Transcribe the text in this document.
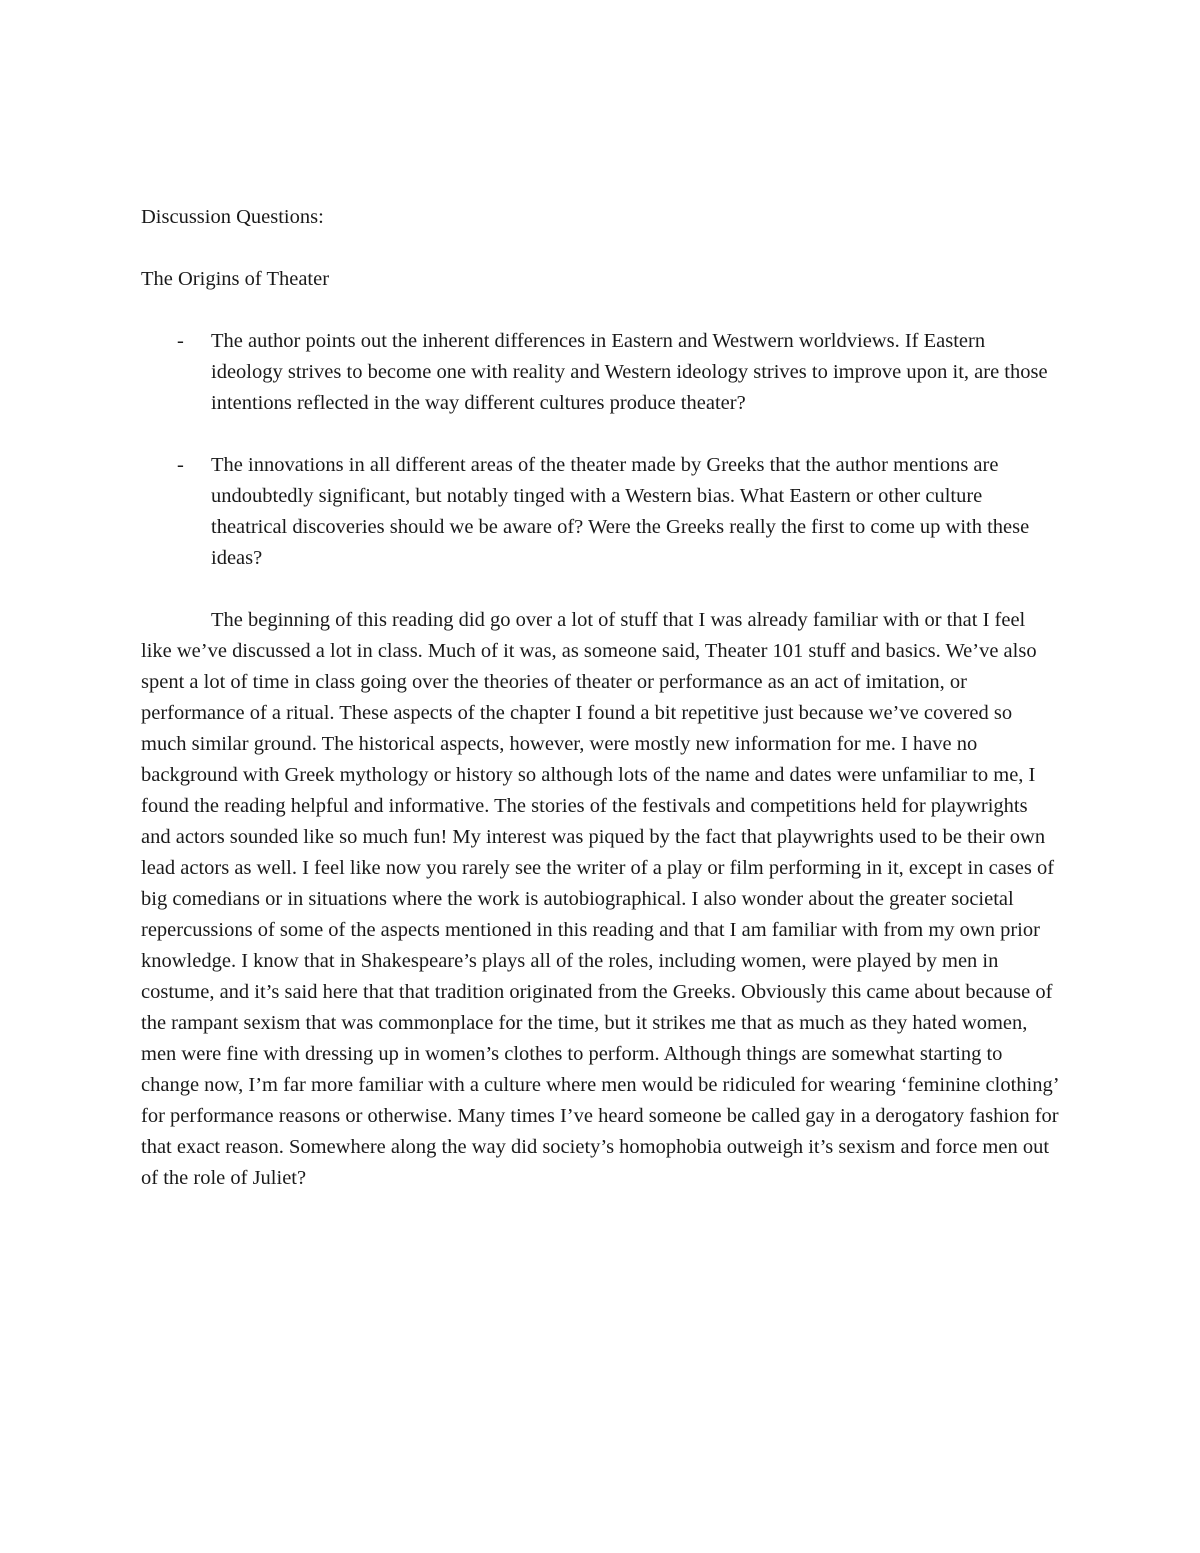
Discussion Questions:

The Origins of Theater

- The author points out the inherent differences in Eastern and Westwern worldviews. If Eastern ideology strives to become one with reality and Western ideology strives to improve upon it, are those intentions reflected in the way different cultures produce theater?
- The innovations in all different areas of the theater made by Greeks that the author mentions are undoubtedly significant, but notably tinged with a Western bias. What Eastern or other culture theatrical discoveries should we be aware of? Were the Greeks really the first to come up with these ideas?

The beginning of this reading did go over a lot of stuff that I was already familiar with or that I feel like we’ve discussed a lot in class. Much of it was, as someone said, Theater 101 stuff and basics. We’ve also spent a lot of time in class going over the theories of theater or performance as an act of imitation, or performance of a ritual. These aspects of the chapter I found a bit repetitive just because we’ve covered so much similar ground. The historical aspects, however, were mostly new information for me. I have no background with Greek mythology or history so although lots of the name and dates were unfamiliar to me, I found the reading helpful and informative. The stories of the festivals and competitions held for playwrights and actors sounded like so much fun! My interest was piqued by the fact that playwrights used to be their own lead actors as well. I feel like now you rarely see the writer of a play or film performing in it, except in cases of big comedians or in situations where the work is autobiographical. I also wonder about the greater societal repercussions of some of the aspects mentioned in this reading and that I am familiar with from my own prior knowledge. I know that in Shakespeare’s plays all of the roles, including women, were played by men in costume, and it’s said here that that tradition originated from the Greeks. Obviously this came about because of the rampant sexism that was commonplace for the time, but it strikes me that as much as they hated women, men were fine with dressing up in women’s clothes to perform. Although things are somewhat starting to change now, I’m far more familiar with a culture where men would be ridiculed for wearing ‘feminine clothing’ for performance reasons or otherwise. Many times I’ve heard someone be called gay in a derogatory fashion for that exact reason. Somewhere along the way did society’s homophobia outweigh it’s sexism and force men out of the role of Juliet?
